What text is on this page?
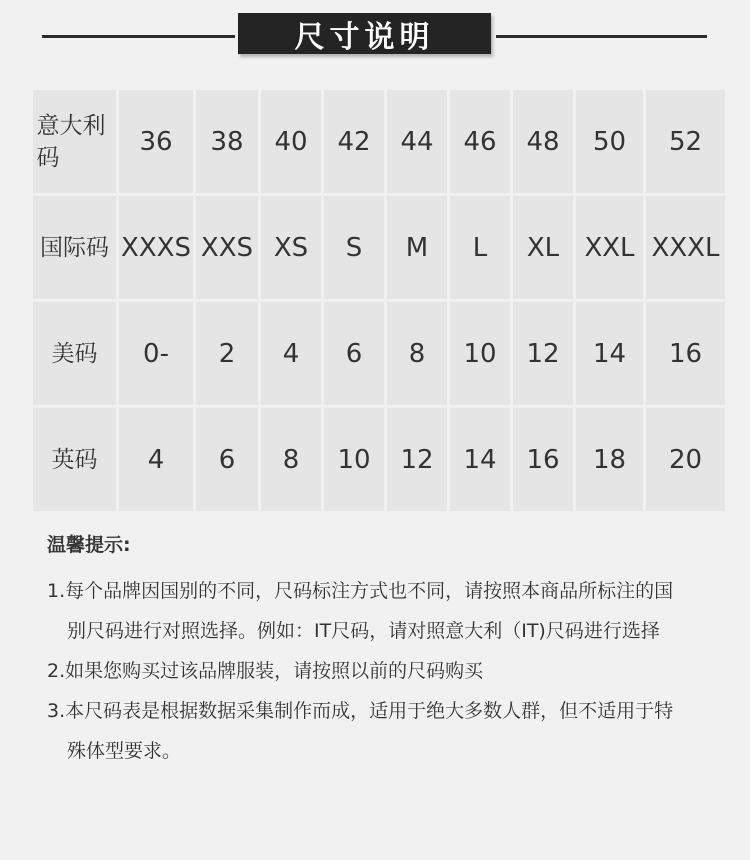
尺寸说明
意大利码	36	38	40	42	44	46	48	50	52
国际码	XXXS	XXS	XS	S	M	L	XL	XXL	XXXL
美码	0-	2	4	6	8	10	12	14	16
英码	4	6	8	10	12	14	16	18	20
温馨提示:
1.每个品牌因国别的不同，尺码标注方式也不同，请按照本商品所标注的国
别尺码进行对照选择。例如：IT尺码，请对照意大利（IT)尺码进行选择
2.如果您购买过该品牌服装，请按照以前的尺码购买
3.本尺码表是根据数据采集制作而成，适用于绝大多数人群，但不适用于特
殊体型要求。
